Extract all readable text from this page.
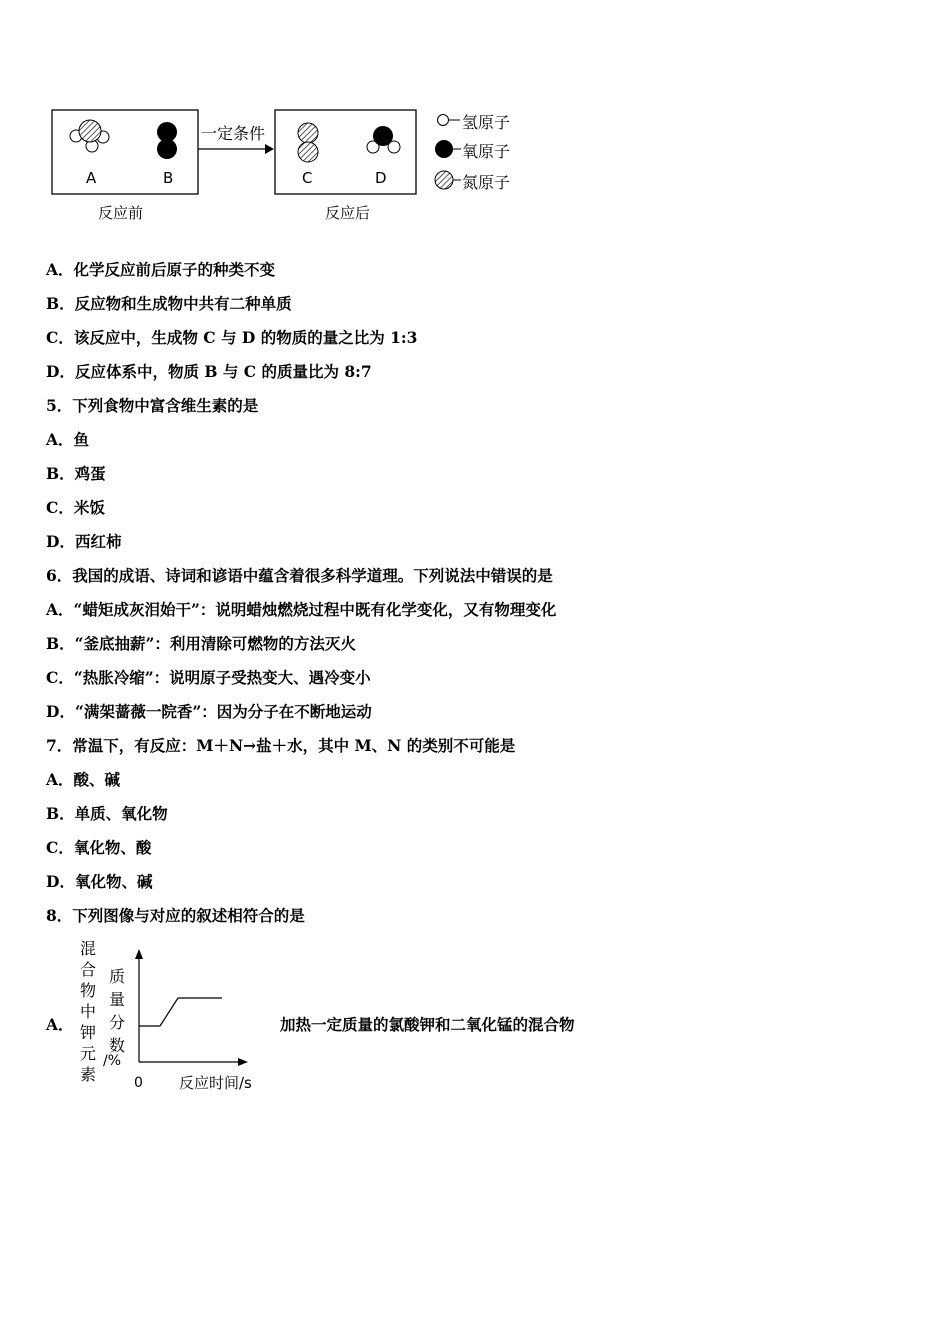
A	B	C	D
一定条件
反应前	反应后
氢原子
氧原子
氮原子
A．化学反应前后原子的种类不变
B．反应物和生成物中共有二种单质
C．该反应中，生成物 C 与 D 的物质的量之比为 1:3
D．反应体系中，物质 B 与 C 的质量比为 8:7
5．下列食物中富含维生素的是
A．鱼
B．鸡蛋
C．米饭
D．西红柿
6．我国的成语、诗词和谚语中蕴含着很多科学道理。下列说法中错误的是
A．“蜡矩成灰泪始干”：说明蜡烛燃烧过程中既有化学变化，又有物理变化
B．“釜底抽薪”：利用清除可燃物的方法灭火
C．“热胀冷缩”：说明原子受热变大、遇冷变小
D．“满架蔷薇一院香”：因为分子在不断地运动
7．常温下，有反应：M＋N→盐＋水，其中 M、N 的类别不可能是
A．酸、碱
B．单质、氧化物
C．氧化物、酸
D．氧化物、碱
8．下列图像与对应的叙述相符合的是
A．
混合物中钾元素
质量分数
/%
0 反应时间/s
加热一定质量的氯酸钾和二氧化锰的混合物
